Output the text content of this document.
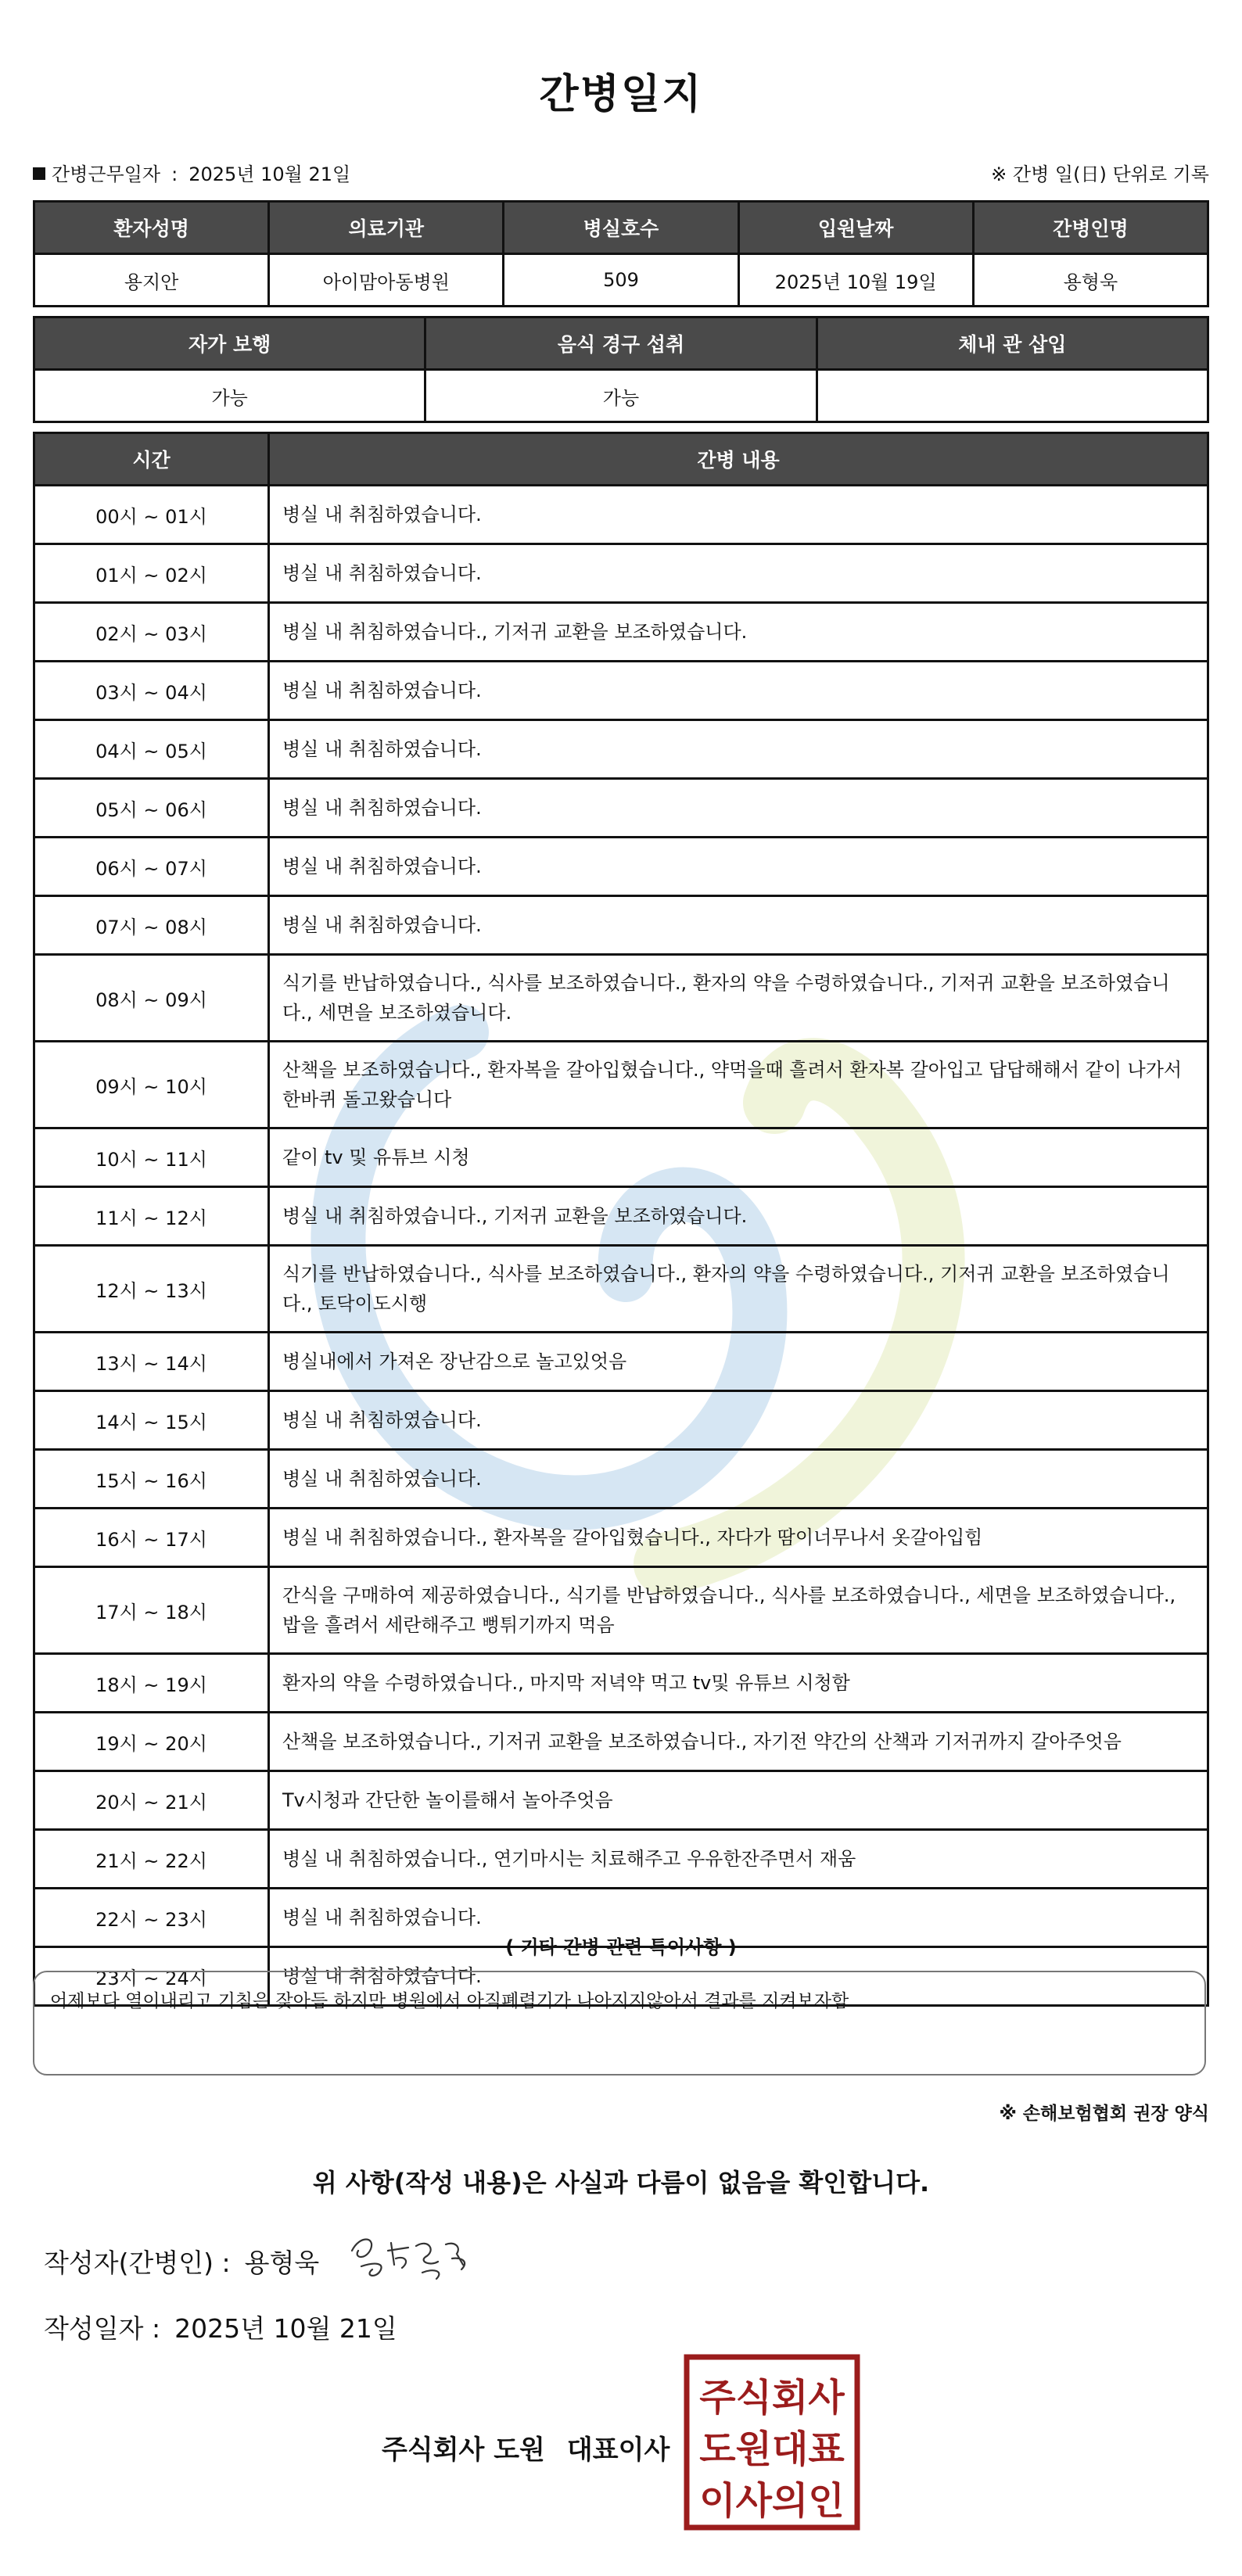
간병일지
간병근무일자 : 2025년 10월 21일	※ 간병 일(日) 단위로 기록
환자성명	의료기관	병실호수	입원날짜	간병인명
용지안	아이맘아동병원	509	2025년 10월 19일	용형욱
자가 보행	음식 경구 섭취	체내 관 삽입
가능	가능	
시간	간병 내용
00시 ~ 01시	병실 내 취침하였습니다.
01시 ~ 02시	병실 내 취침하였습니다.
02시 ~ 03시	병실 내 취침하였습니다., 기저귀 교환을 보조하였습니다.
03시 ~ 04시	병실 내 취침하였습니다.
04시 ~ 05시	병실 내 취침하였습니다.
05시 ~ 06시	병실 내 취침하였습니다.
06시 ~ 07시	병실 내 취침하였습니다.
07시 ~ 08시	병실 내 취침하였습니다.
08시 ~ 09시	식기를 반납하였습니다., 식사를 보조하였습니다., 환자의 약을 수령하였습니다., 기저귀 교환을 보조하였습니다., 세면을 보조하였습니다.
09시 ~ 10시	산책을 보조하였습니다., 환자복을 갈아입혔습니다., 약먹을때 흘려서 환자복 갈아입고 답답해해서 같이 나가서 한바퀴 돌고왔습니다
10시 ~ 11시	같이 tv 및 유튜브 시청
11시 ~ 12시	병실 내 취침하였습니다., 기저귀 교환을 보조하였습니다.
12시 ~ 13시	식기를 반납하였습니다., 식사를 보조하였습니다., 환자의 약을 수령하였습니다., 기저귀 교환을 보조하였습니다., 토닥이도시행
13시 ~ 14시	병실내에서 가져온 장난감으로 놀고있엇음
14시 ~ 15시	병실 내 취침하였습니다.
15시 ~ 16시	병실 내 취침하였습니다.
16시 ~ 17시	병실 내 취침하였습니다., 환자복을 갈아입혔습니다., 자다가 땀이너무나서 옷갈아입힘
17시 ~ 18시	간식을 구매하여 제공하였습니다., 식기를 반납하였습니다., 식사를 보조하였습니다., 세면을 보조하였습니다., 밥을 흘려서 세란해주고 뻥튀기까지 먹음
18시 ~ 19시	환자의 약을 수령하였습니다., 마지막 저녁약 먹고 tv및 유튜브 시청함
19시 ~ 20시	산책을 보조하였습니다., 기저귀 교환을 보조하였습니다., 자기전 약간의 산책과 기저귀까지 갈아주엇음
20시 ~ 21시	Tv시청과 간단한 놀이를해서 놀아주엇음
21시 ~ 22시	병실 내 취침하였습니다., 연기마시는 치료해주고 우유한잔주면서 재움
22시 ~ 23시	병실 내 취침하였습니다.
23시 ~ 24시	병실 내 취침하였습니다.
( 기타 간병 관련 특이사항 )
어제보다 열이내리고 기침은 잦아듬 하지만 병원에서 아직폐렴기가 나아지지않아서 결과를 지켜보자함
※ 손해보험협회 권장 양식
위 사항(작성 내용)은 사실과 다름이 없음을 확인합니다.
작성자(간병인) : 용형욱
작성일자 : 2025년 10월 21일
주식회사 도원 대표이사
주식회사
도원대표
이사의인
